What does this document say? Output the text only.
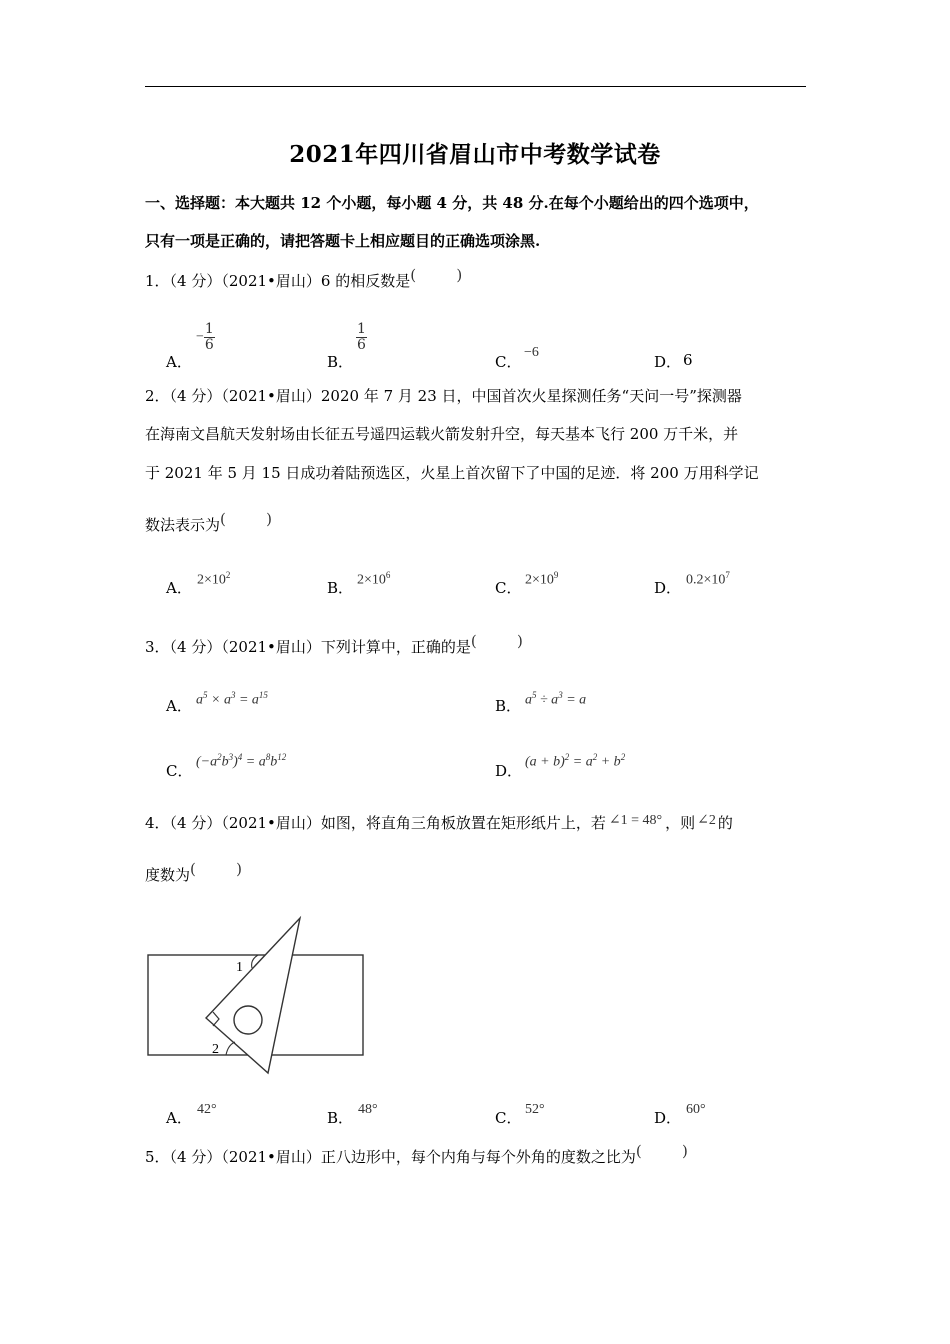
2021年四川省眉山市中考数学试卷
一、选择题：本大题共 12 个小题，每小题 4 分，共 48 分.在每个小题给出的四个选项中，
只有一项是正确的，请把答题卡上相应题目的正确选项涂黑.
1．（4 分）（2021•眉山）6 的相反数是(	)
A．
− $\frac{1}{6}$
B．
$\frac{1}{6}$
C．
−6
D． 6
2．（4 分）（2021•眉山）2020 年 7 月 23 日，中国首次火星探测任务“天问一号”探测器
在海南文昌航天发射场由长征五号遥四运载火箭发射升空，每天基本飞行 200 万千米，并
于 2021 年 5 月 15 日成功着陆预选区，火星上首次留下了中国的足迹．将 200 万用科学记
数法表示为(	)
A． $2\times 10^2$
B． $2\times 10^6$
C． $2\times 10^9$
D． $0.2\times 10^7$
3．（4 分）（2021•眉山）下列计算中，正确的是(	)
A． $a^5 \times a^3 = a^{15}$
B． $a^5 \div a^3 = a$
C． $(-a^2b^3)^4 = a^8b^{12}$
D． $(a + b)^2 = a^2 + b^2$
4．（4 分）（2021•眉山）如图，将直角三角板放置在矩形纸片上，若 ∠1 = 48° ，则 ∠2 的
度数为(	)
1
2
A． 42°	B． 48°	C． 52°	D． 60°
5．（4 分）（2021•眉山）正八边形中，每个内角与每个外角的度数之比为(	)
